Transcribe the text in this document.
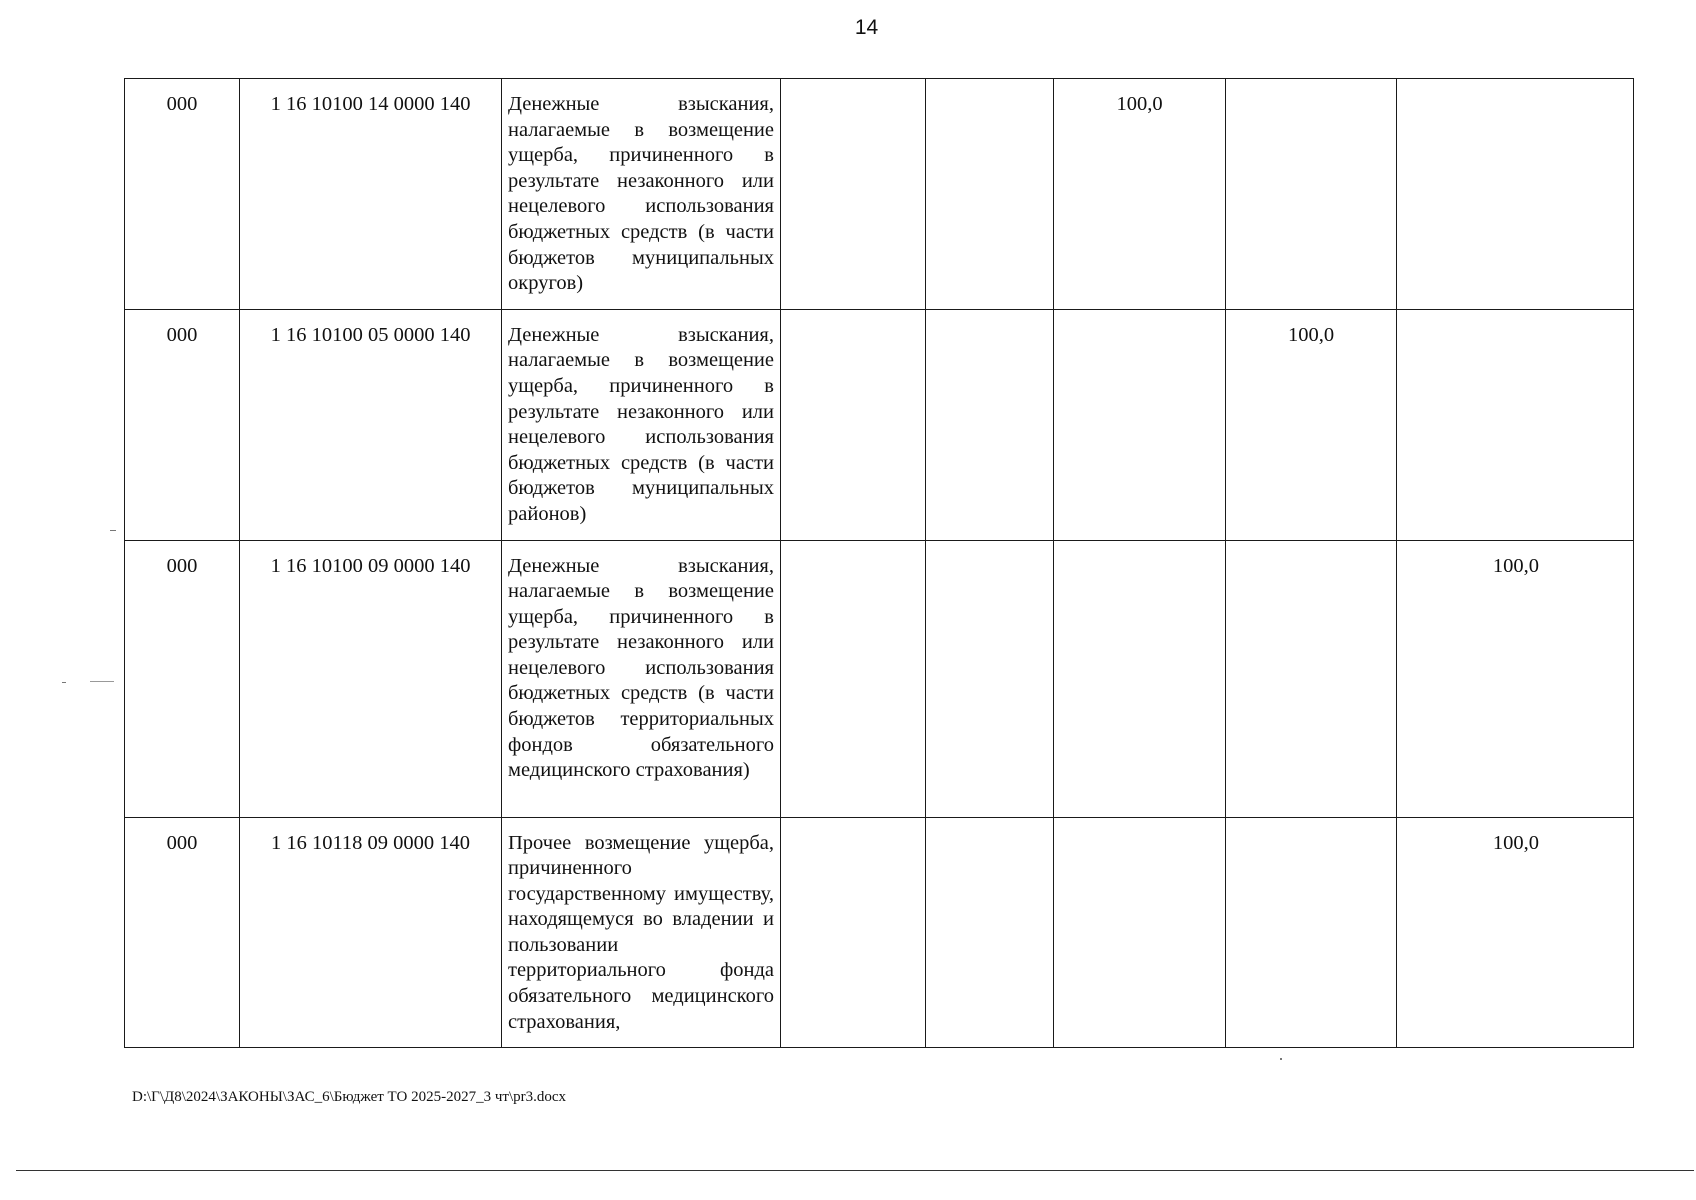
14
000	1 16 10100 14 0000 140	Денежные взыскания, налагаемые в возмещение ущерба, причиненного в результате незаконного или нецелевого использования бюджетных средств (в части бюджетов муниципальных округов)			100,0		
000	1 16 10100 05 0000 140	Денежные взыскания, налагаемые в возмещение ущерба, причиненного в результате незаконного или нецелевого использования бюджетных средств (в части бюджетов муниципальных районов)				100,0	
000	1 16 10100 09 0000 140	Денежные взыскания, налагаемые в возмещение ущерба, причиненного в результате незаконного или нецелевого использования бюджетных средств (в части бюджетов территориальных фондов обязательного медицинского страхования)					100,0
000	1 16 10118 09 0000 140	Прочее возмещение ущерба, причиненного государственному имуществу, находящемуся во владении и пользовании территориального фонда обязательного медицинского страхования,					100,0
D:\Г\Д8\2024\ЗАКОНЫ\ЗАС_6\Бюджет ТО 2025-2027_3 чт\pr3.docx
